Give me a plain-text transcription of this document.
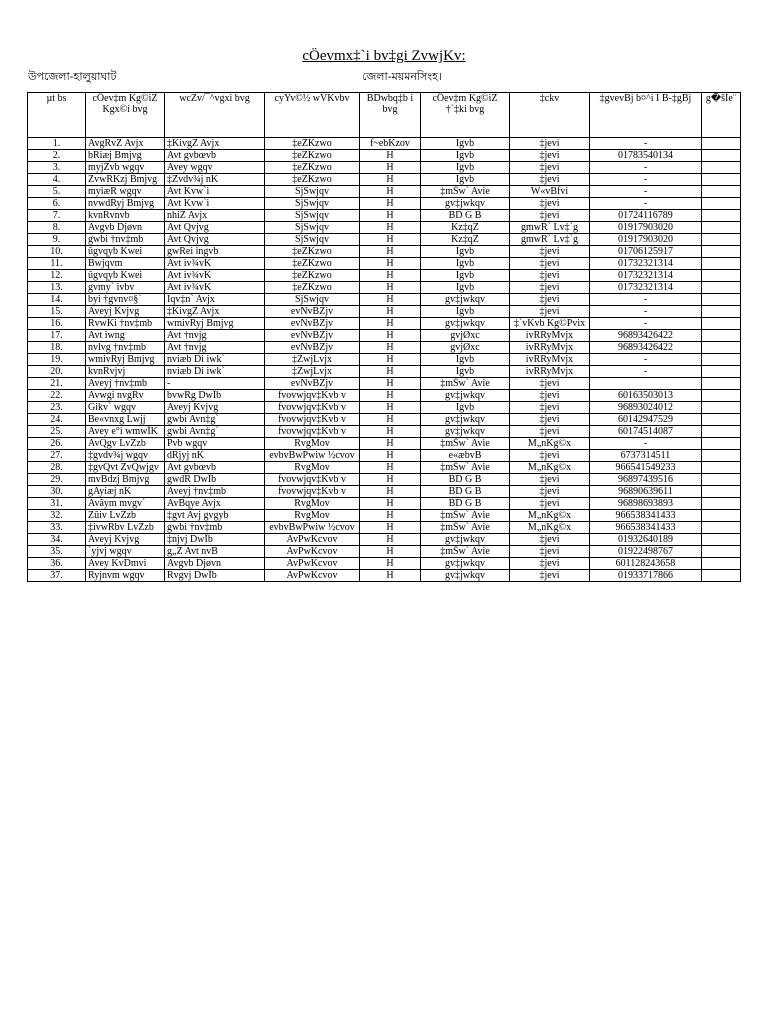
cÖevmx‡`i bv‡gi ZvwjKv:
উপজেলা-হালুয়াঘাট	জেলা-ময়মনসিংহ।
µt bs	cÖev‡m Kg©iZ Kgx©i bvg	wcZv/¯^vgxi bvg	cyYv©½ wVKvbv	BDwbq‡b i bvg	cÖev‡m Kg©iZ †`‡ki bvg	‡ckv	‡gvevBj b¤^i I B-‡gBj	g�šÍe¨
1.	AvgRvZ Avjx	‡KivgZ Avjx	‡eZKzwo	f~ebKzov	Igvb	‡jevi	-	
2.	bRiæj Bmjvg	Avt gvbœvb	‡eZKzwo	H	Igvb	‡jevi	01783540134	
3.	myjZvb wgqv	Avey wgqv	‡eZKzwo	H	Igvb	‡jevi	-	
4.	ZvwRKzj Bmjvg	‡Zvdv¾j nK	‡eZKzwo	H	Igvb	‡jevi	-	
5.	myiæR wgqv	Avt Kvw`i	SjSwjqv	H	‡mŠw` Avie	W«vBfvi	-	
6.	nvwdRyj Bmjvg	Avt Kvw`i	SjSwjqv	H	gv‡jwkqv	‡jevi	-	
7.	kvnRvnvb	nhiZ Avjx	SjSwjqv	H	BD G B	‡jevi	01724116789	
8.	Avgvb Djøvn	Avt Qvjvg	SjSwjqv	H	Kz‡qZ	gmwR` Lv‡`g	01917903020	
9.	gwbi †nv‡mb	Avt Qvjvg	SjSwjqv	H	Kz‡qZ	gmwR` Lv‡`g	01917903020	
10.	ûgvqyb Kwei	gwRei ingvb	‡eZKzwo	H	Igvb	‡jevi	01706125917	
11.	Bwjqvm	Avt iv¾vK	‡eZKzwo	H	Igvb	‡jevi	01732321314	
12.	ûgvqyb Kwei	Avt iv¾vK	‡eZKzwo	H	Igvb	‡jevi	01732321314	
13.	gvmy` ivbv	Avt iv¾vK	‡eZKzwo	H	Igvb	‡jevi	01732321314	
14.	byi †gvnv¤§`	Iqv‡n` Avjx	SjSwjqv	H	gv‡jwkqv	‡jevi	-	
15.	Aveyj Kvjvg	‡KivgZ Avjx	evNvBZjv	H	Igvb	‡jevi	-	
16.	RvwKi †nv‡mb	wmivRyj Bmjvg	evNvBZjv	H	gv‡jwkqv	‡`vKvb Kg©Pvix	-	
17.	Avt iwng	Avt †nvjg	evNvBZjv	H	gvjØxc	ivRRyMvjx	96893426422	
18.	nvlvg †nv‡mb	Avt †nvjg	evNvBZjv	H	gvjØxc	ivRRyMvjx	96893426422	
19.	wmivRyj Bmjvg	nviæb Di iwk`	‡ZwjLvjx	H	Igvb	ivRRyMvjx	-	
20.	kvnRvjvj	nviæb Di iwk`	‡ZwjLvjx	H	Igvb	ivRRyMvjx	-	
21.	Aveyj †nv‡mb	-	evNvBZjv	H	‡mŠw` Avie	‡jevi		
22.	Avwgi nvgRv	bvwRg DwÏb	fvovwjqv‡Kvb v	H	gv‡jwkqv	‡jevi	60163503013	
23.	Gikv` wgqv	Aveyj Kvjvg	fvovwjqv‡Kvb v	H	Igvb	‡jevi	96893024012	
24.	Be«vnxg Lwjj	gwbi Avn‡g`	fvovwjqv‡Kvb v	H	gv‡jwkqv	‡jevi	60142947529	
25.	Avey e°i wmwÏK	gwbi Avn‡g`	fvovwjqv‡Kvb v	H	gv‡jwkqv	‡jevi	60174514087	
26.	AvQgv LvZzb	Pvb wgqv	RvgMov	H	‡mŠw` Avie	M„nKg©x	-	
27.	‡gvdv¾j wgqv	dRjyj nK	evbvBwPwiw ½cvov	H	e«æbvB	‡jevi	6737314511	
28.	‡gvQvt ZvQwjgv	Avt gvbœvb	RvgMov	H	‡mŠw` Avie	M„nKg©x	966541549233	
29.	mvBdzj Bmjvg	gwdR DwÏb	fvovwjqv‡Kvb v	H	BD G B	‡jevi	96897439516	
30.	gAyiæj nK	Aveyj †nv‡mb	fvovwjqv‡Kvb v	H	BD G B	‡jevi	96890639611	
31.	Avãym mvgv`	AvBqye Avjx	RvgMov	H	BD G B	‡jevi	96898693893	
32.	Zûiv LvZzb	‡gvt Avj gvgyb	RvgMov	H	‡mŠw` Avie	M„nKg©x	966538341433	
33.	‡ivwRbv LvZzb	gwbi †nv‡mb	evbvBwPwiw ½cvov	H	‡mŠw` Avie	M„nKg©x	966538341433	
34.	Aveyj Kvjvg	‡njvj DwÏb	AvPwKcvov	H	gv‡jwkqv	‡jevi	01932640189	
35.	`yjvj wgqv	g„Z Avt nvB	AvPwKcvov	H	‡mŠw` Avie	‡jevi	01922498767	
36.	Avey KvDmvi	Avgvb Djøvn	AvPwKcvov	H	gv‡jwkqv	‡jevi	601128243658	
37.	Ryjnvm wgqv	Rvgvj DwÏb	AvPwKcvov	H	gv‡jwkqv	‡jevi	01933717866	
